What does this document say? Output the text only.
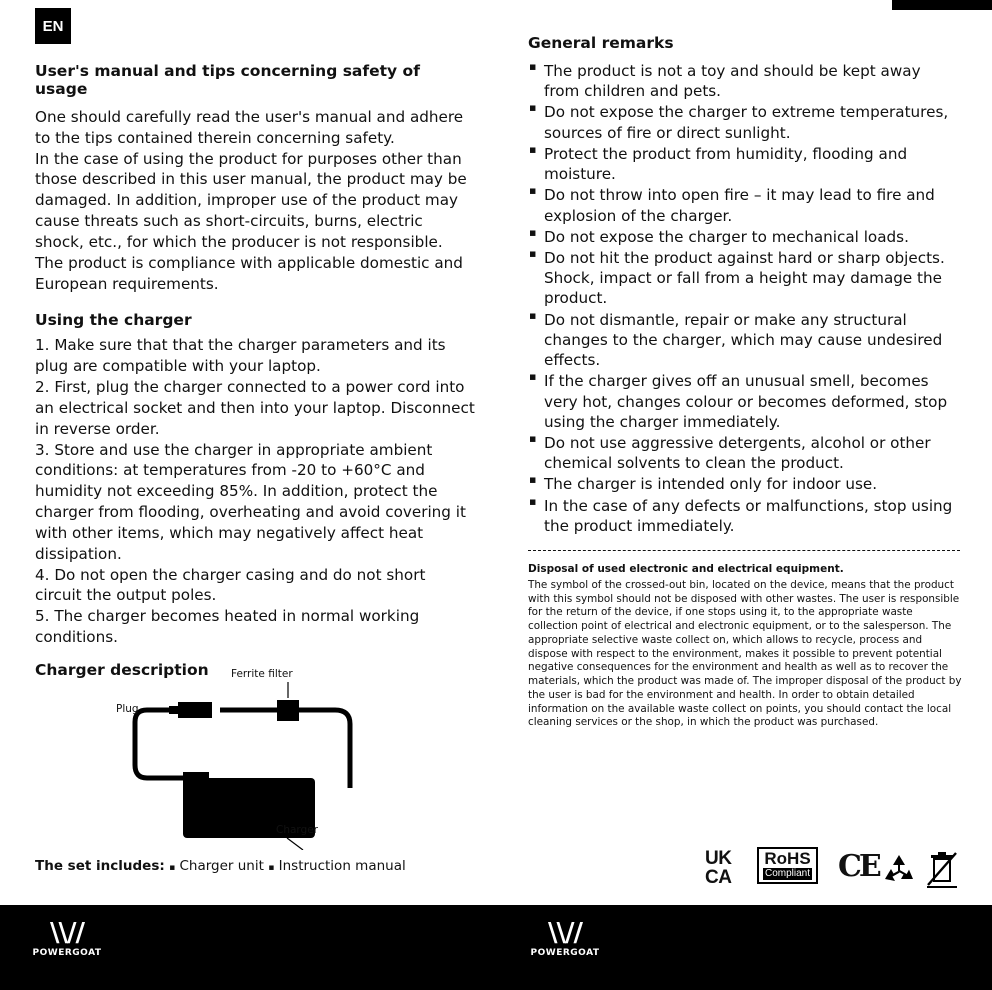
EN
User's manual and tips concerning safety of usage

One should carefully read the user's manual and adhere to the tips contained therein concerning safety.

In the case of using the product for purposes other than those described in this user manual, the product may be damaged. In addition, improper use of the product may cause threats such as short-circuits, burns, electric shock, etc., for which the producer is not responsible.

The product is compliance with applicable domestic and European requirements.

Using the charger

1. Make sure that that the charger parameters and its plug are compatible with your laptop.

2. First, plug the charger connected to a power cord into an electrical socket and then into your laptop. Disconnect in reverse order.

3. Store and use the charger in appropriate ambient conditions: at temperatures from -20 to +60°C and humidity not exceeding 85%. In addition, protect the charger from flooding, overheating and avoid covering it with other items, which may negatively affect heat dissipation.

4. Do not open the charger casing and do not short circuit the output poles.

5. The charger becomes heated in normal working conditions.

Charger description	Ferrite filter
Plug
Charger
The set includes: ▪ Charger unit ▪ Instruction manual
General remarks
▪ The product is not a toy and should be kept away from children and pets.
▪ Do not expose the charger to extreme temperatures, sources of fire or direct sunlight.
▪ Protect the product from humidity, flooding and moisture.
▪ Do not throw into open fire – it may lead to fire and explosion of the charger.
▪ Do not expose the charger to mechanical loads.
▪ Do not hit the product against hard or sharp objects. Shock, impact or fall from a height may damage the product.
▪ Do not dismantle, repair or make any structural changes to the charger, which may cause undesired effects.
▪ If the charger gives off an unusual smell, becomes very hot, changes colour or becomes deformed, stop using the charger immediately.
▪ Do not use aggressive detergents, alcohol or other chemical solvents to clean the product.
▪ The charger is intended only for indoor use.
▪ In the case of any defects or malfunctions, stop using the product immediately.
Disposal of used electronic and electrical equipment.

The symbol of the crossed-out bin, located on the device, means that the product with this symbol should not be disposed with other wastes. The user is responsible for the return of the device, if one stops using it, to the appropriate waste collection point of electrical and electronic equipment, or to the salesperson. The appropriate selective waste collect on, which allows to recycle, process and dispose with respect to the environment, makes it possible to prevent potential negative consequences for the environment and health as well as to recover the materials, which the product was made of. The improper disposal of the product by the user is bad for the environment and health. In order to obtain detailed information on the available waste collect on points, you should contact the local cleaning services or the shop, in which the product was purchased.

UK
CA
RoHS
Compliant CE
\\//
POWERGOAT
\\//
POWERGOAT
